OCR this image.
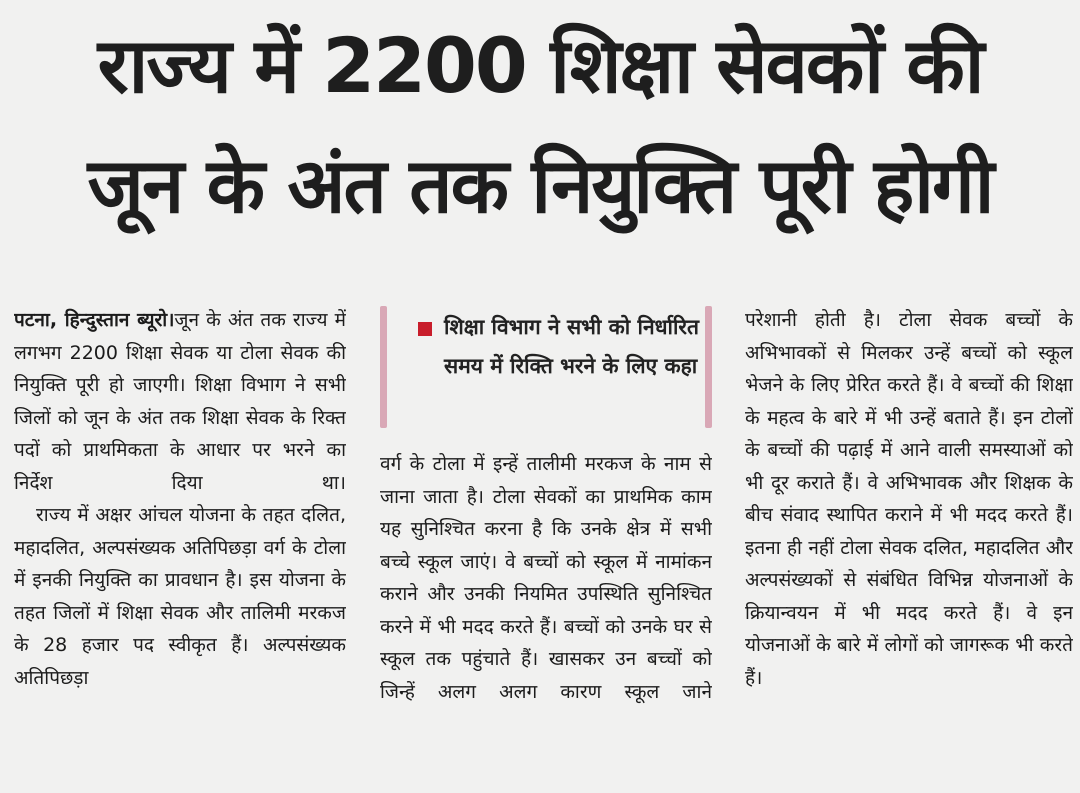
राज्य में 2200 शिक्षा सेवकों की
जून के अंत तक नियुक्ति पूरी होगी

पटना, हिन्दुस्तान ब्यूरो।जून के अंत तक राज्य में लगभग 2200 शिक्षा सेवक या टोला सेवक की नियुक्ति पूरी हो जाएगी। शिक्षा विभाग ने सभी जिलों को जून के अंत तक शिक्षा सेवक के रिक्त पदों को प्राथमिकता के आधार पर भरने का निर्देश दिया था।

राज्य में अक्षर आंचल योजना के तहत दलित, महादलित, अल्पसंख्यक अतिपिछड़ा वर्ग के टोला में इनकी नियुक्ति का प्रावधान है। इस योजना के तहत जिलों में शिक्षा सेवक और तालिमी मरकज के 28 हजार पद स्वीकृत हैं। अल्पसंख्यक अतिपिछड़ा

शिक्षा विभाग ने सभी को निर्धारित समय में रिक्ति भरने के लिए कहा

वर्ग के टोला में इन्हें तालीमी मरकज के नाम से जाना जाता है। टोला सेवकों का प्राथमिक काम यह सुनिश्चित करना है कि उनके क्षेत्र में सभी बच्चे स्कूल जाएं। वे बच्चों को स्कूल में नामांकन कराने और उनकी नियमित उपस्थिति सुनिश्चित करने में भी मदद करते हैं। बच्चों को उनके घर से स्कूल तक पहुंचाते हैं। खासकर उन बच्चों को जिन्हें अलग अलग कारण स्कूल जाने

परेशानी होती है। टोला सेवक बच्चों के अभिभावकों से मिलकर उन्हें बच्चों को स्कूल भेजने के लिए प्रेरित करते हैं। वे बच्चों की शिक्षा के महत्व के बारे में भी उन्हें बताते हैं। इन टोलों के बच्चों की पढ़ाई में आने वाली समस्याओं को भी दूर कराते हैं। वे अभिभावक और शिक्षक के बीच संवाद स्थापित कराने में भी मदद करते हैं। इतना ही नहीं टोला सेवक दलित, महादलित और अल्पसंख्यकों से संबंधित विभिन्न योजनाओं के क्रियान्वयन में भी मदद करते हैं। वे इन योजनाओं के बारे में लोगों को जागरूक भी करते हैं।
